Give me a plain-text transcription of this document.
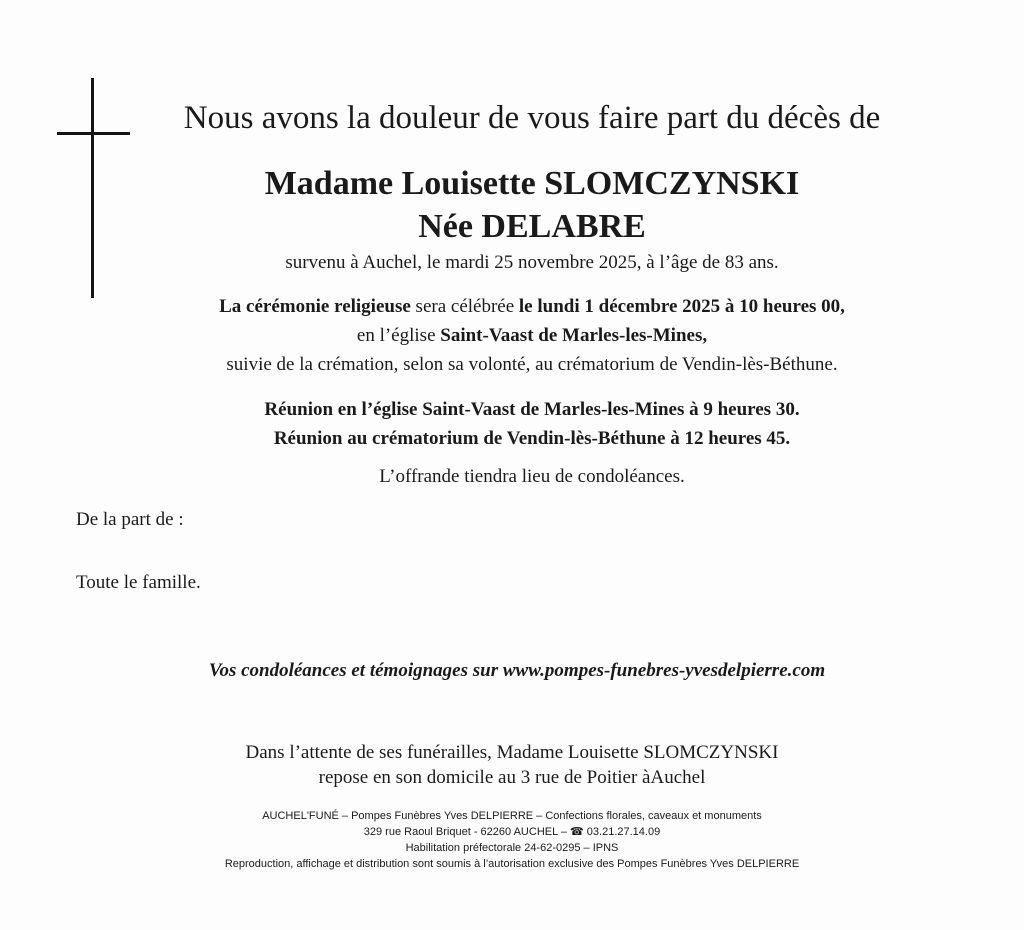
Nous avons la douleur de vous faire part du décès de
Madame Louisette SLOMCZYNSKI
Née DELABRE
survenu à Auchel, le mardi 25 novembre 2025, à l’âge de 83 ans.
La cérémonie religieuse sera célébrée le lundi 1 décembre 2025 à 10 heures 00,
en l’église Saint-Vaast de Marles-les-Mines,
suivie de la crémation, selon sa volonté, au crématorium de Vendin-lès-Béthune.
Réunion en l’église Saint-Vaast de Marles-les-Mines à 9 heures 30.
Réunion au crématorium de Vendin-lès-Béthune à 12 heures 45.
L’offrande tiendra lieu de condoléances.
De la part de :
Toute le famille.
Vos condoléances et témoignages sur www.pompes-funebres-yvesdelpierre.com
Dans l’attente de ses funérailles, Madame Louisette SLOMCZYNSKI
repose en son domicile au 3 rue de Poitier àAuchel
AUCHEL'FUNÉ – Pompes Funèbres Yves DELPIERRE – Confections florales, caveaux et monuments
329 rue Raoul Briquet - 62260 AUCHEL – ☎ 03.21.27.14.09
Habilitation préfectorale 24-62-0295 – IPNS
Reproduction, affichage et distribution sont soumis à l’autorisation exclusive des Pompes Funèbres Yves DELPIERRE
